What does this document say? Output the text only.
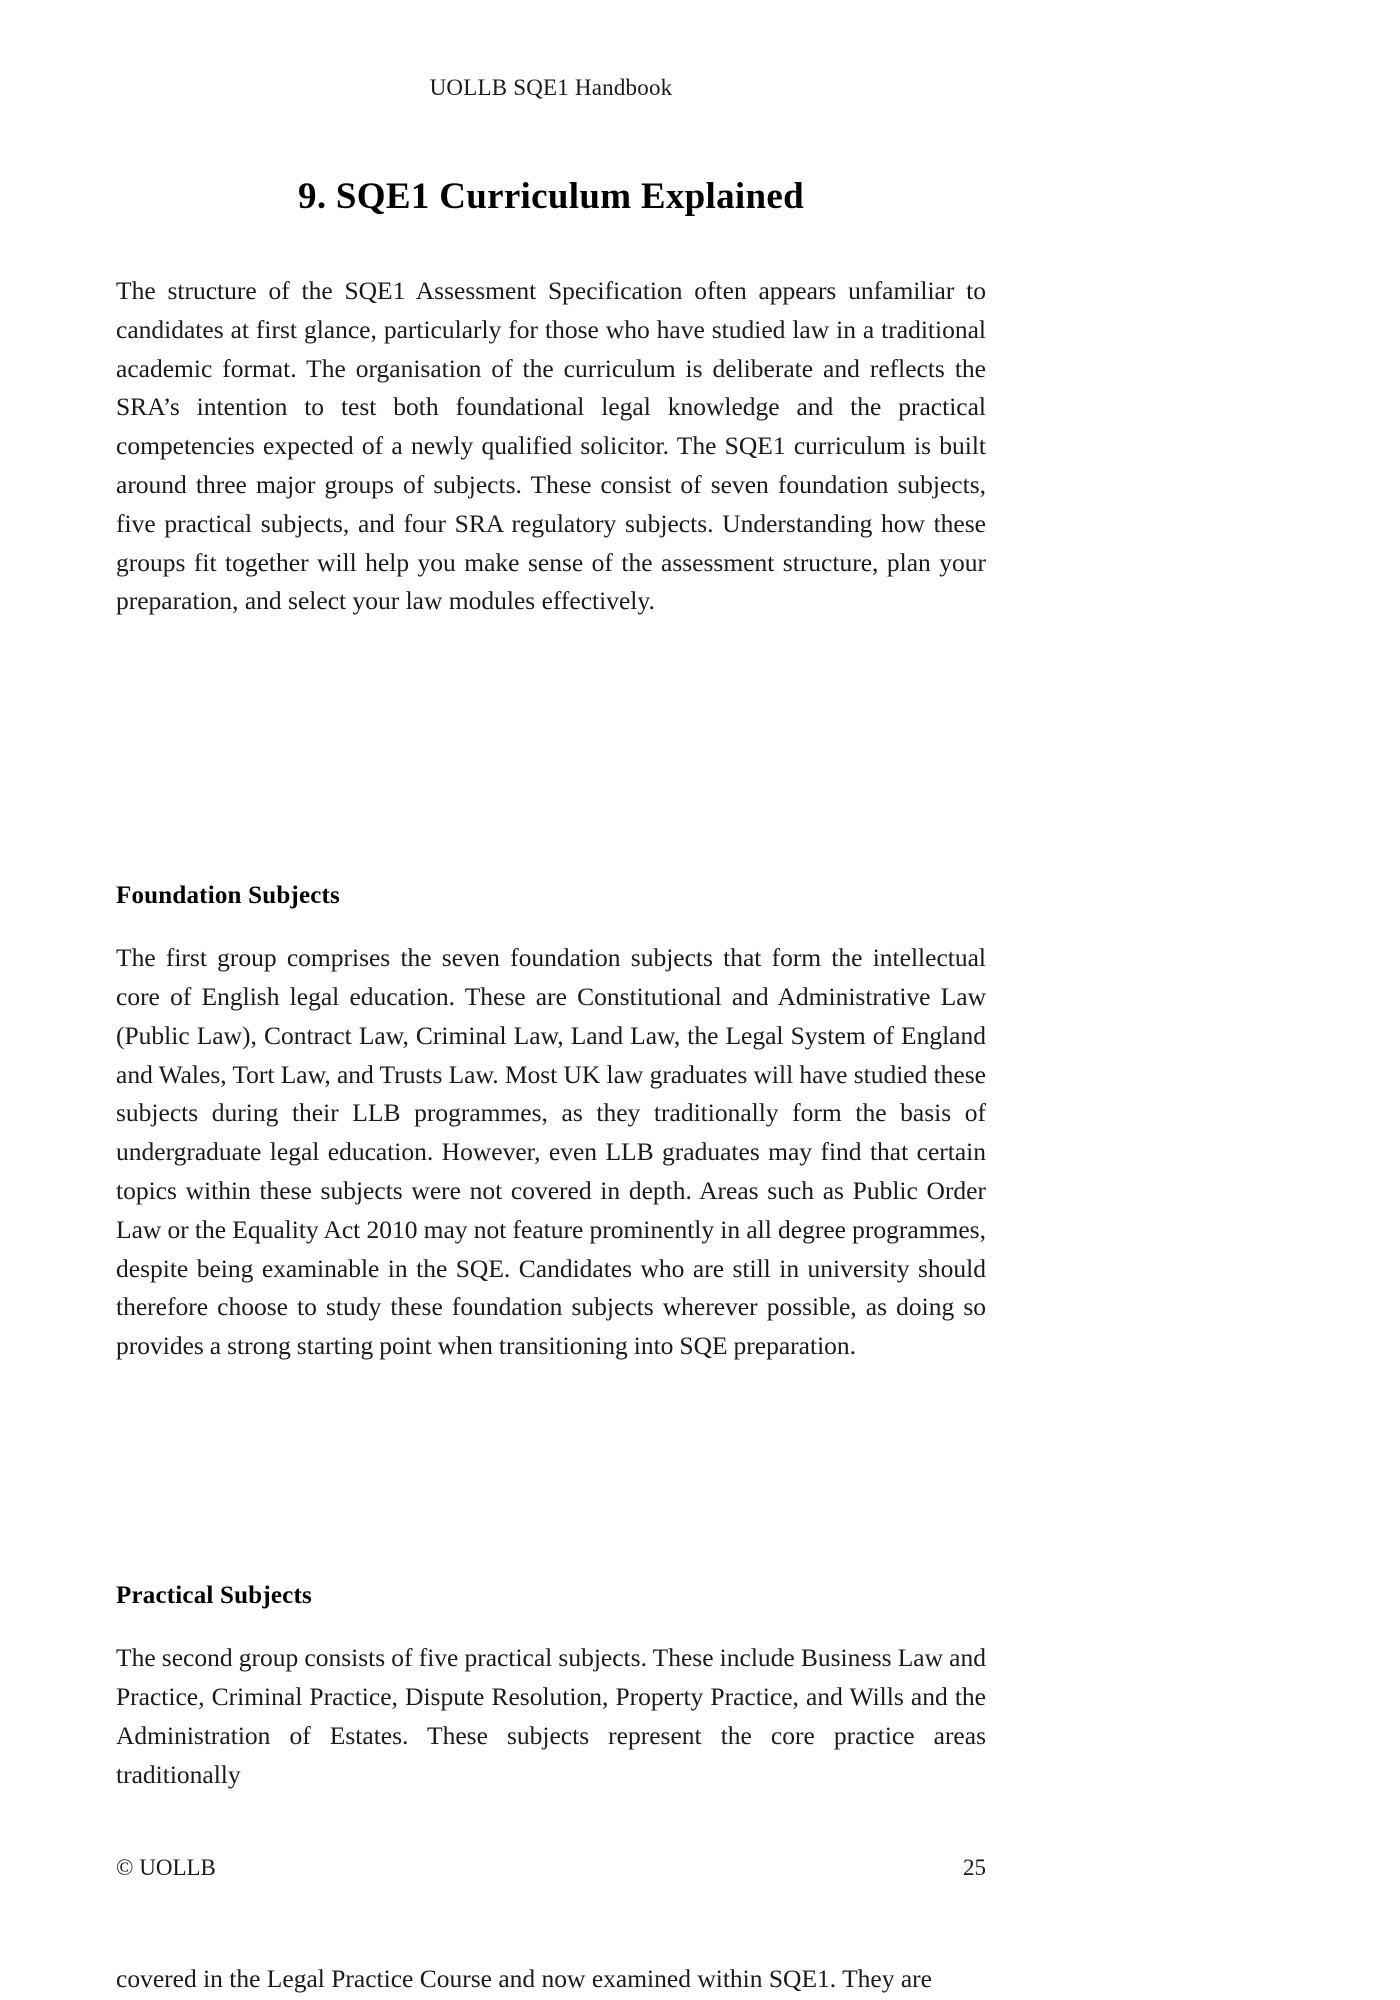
UOLLB SQE1 Handbook
9. SQE1 Curriculum Explained

The structure of the SQE1 Assessment Specification often appears unfamiliar to candidates at first glance, particularly for those who have studied law in a traditional academic format. The organisation of the curriculum is deliberate and reflects the SRA’s intention to test both foundational legal knowledge and the practical competencies expected of a newly qualified solicitor. The SQE1 curriculum is built around three major groups of subjects. These consist of seven foundation subjects, five practical subjects, and four SRA regulatory subjects. Understanding how these groups fit together will help you make sense of the assessment structure, plan your preparation, and select your law modules effectively.

Foundation Subjects

The first group comprises the seven foundation subjects that form the intellectual core of English legal education. These are Constitutional and Administrative Law (Public Law), Contract Law, Criminal Law, Land Law, the Legal System of England and Wales, Tort Law, and Trusts Law. Most UK law graduates will have studied these subjects during their LLB programmes, as they traditionally form the basis of undergraduate legal education. However, even LLB graduates may find that certain topics within these subjects were not covered in depth. Areas such as Public Order Law or the Equality Act 2010 may not feature prominently in all degree programmes, despite being examinable in the SQE. Candidates who are still in university should therefore choose to study these foundation subjects wherever possible, as doing so provides a strong starting point when transitioning into SQE preparation.

Practical Subjects

The second group consists of five practical subjects. These include Business Law and Practice, Criminal Practice, Dispute Resolution, Property Practice, and Wills and the Administration of Estates. These subjects represent the core practice areas traditionally

© UOLLB	25
covered in the Legal Practice Course and now examined within SQE1. They are
